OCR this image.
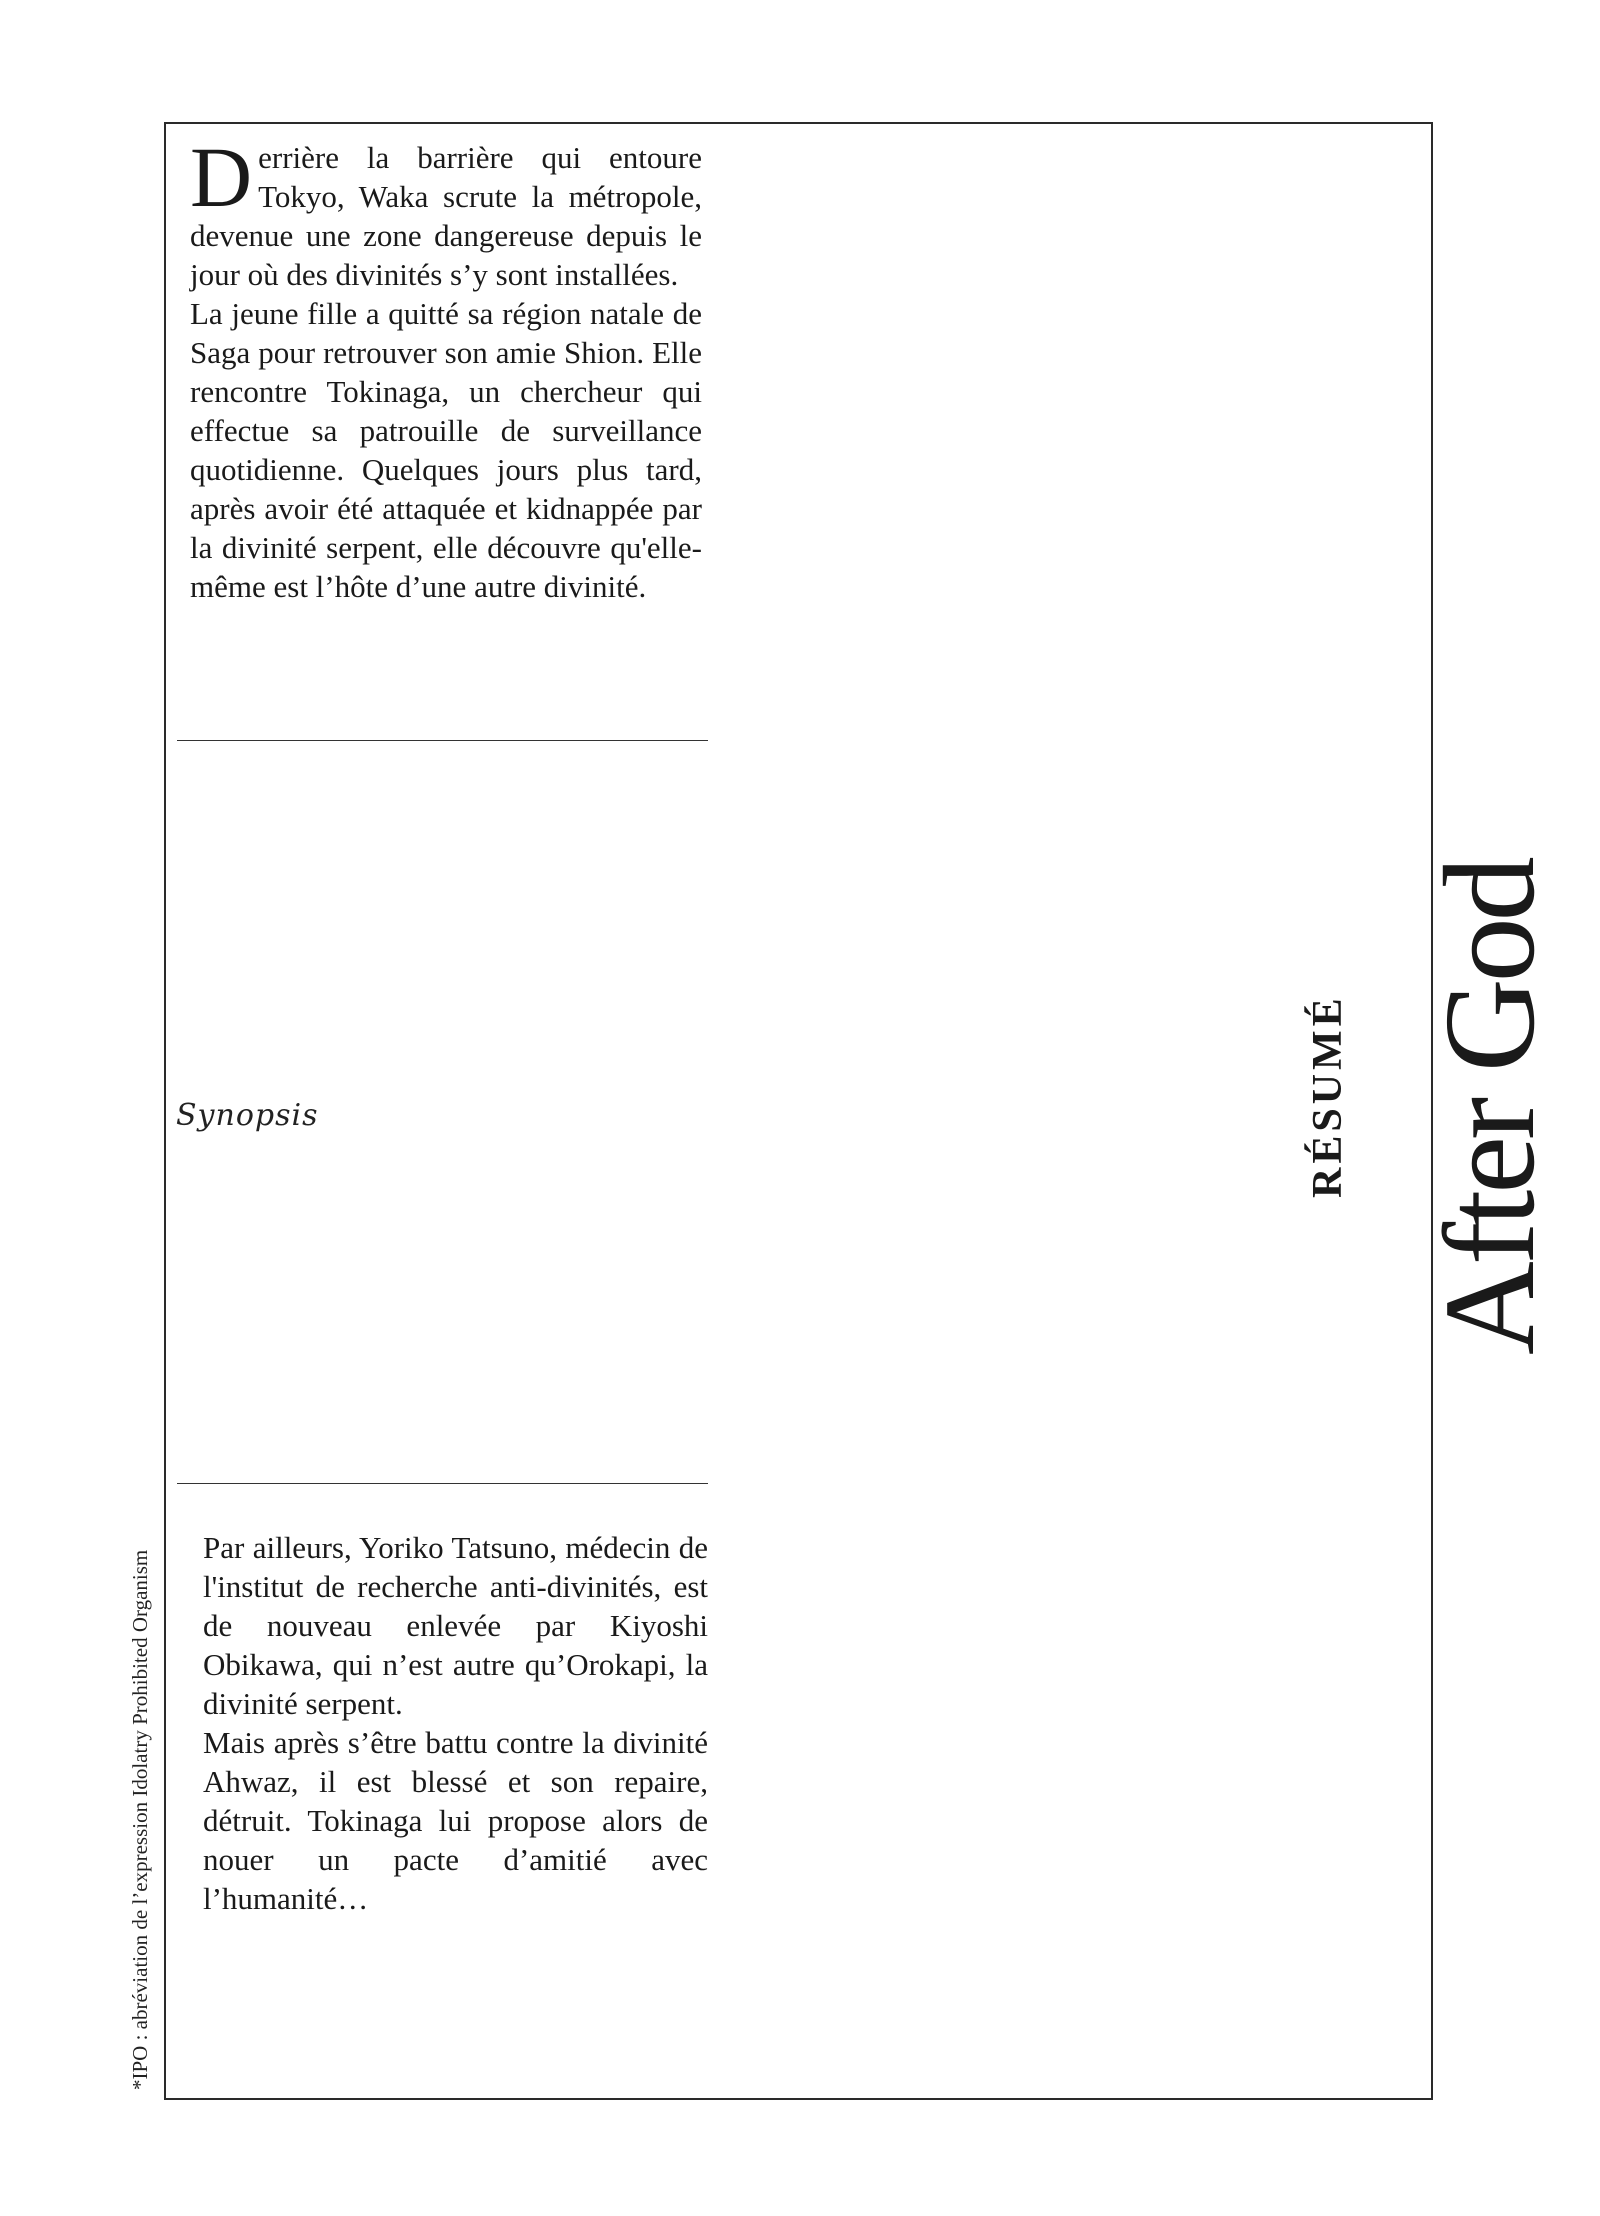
Derrière la barrière qui entoure Tokyo, Waka scrute la métropole, devenue une zone dangereuse depuis le jour où des divinités s’y sont installées.

La jeune fille a quitté sa région natale de Saga pour retrouver son amie Shion. Elle rencontre Tokinaga, un chercheur qui effectue sa patrouille de surveillance quotidienne. Quelques jours plus tard, après avoir été attaquée et kidnappée par la divinité serpent, elle découvre qu'elle-même est l’hôte d’une autre divinité.

Synopsis	After God
RÉSUMÉ

Par ailleurs, Yoriko Tatsuno, médecin de l'institut de recherche anti-divinités, est de nouveau enlevée par Kiyoshi Obikawa, qui n’est autre qu’Orokapi, la divinité serpent.

Mais après s’être battu contre la divinité Ahwaz, il est blessé et son repaire, détruit. Tokinaga lui propose alors de nouer un pacte d’amitié avec l’humanité…

*IPO : abréviation de l’expression Idolatry Prohibited Organism
